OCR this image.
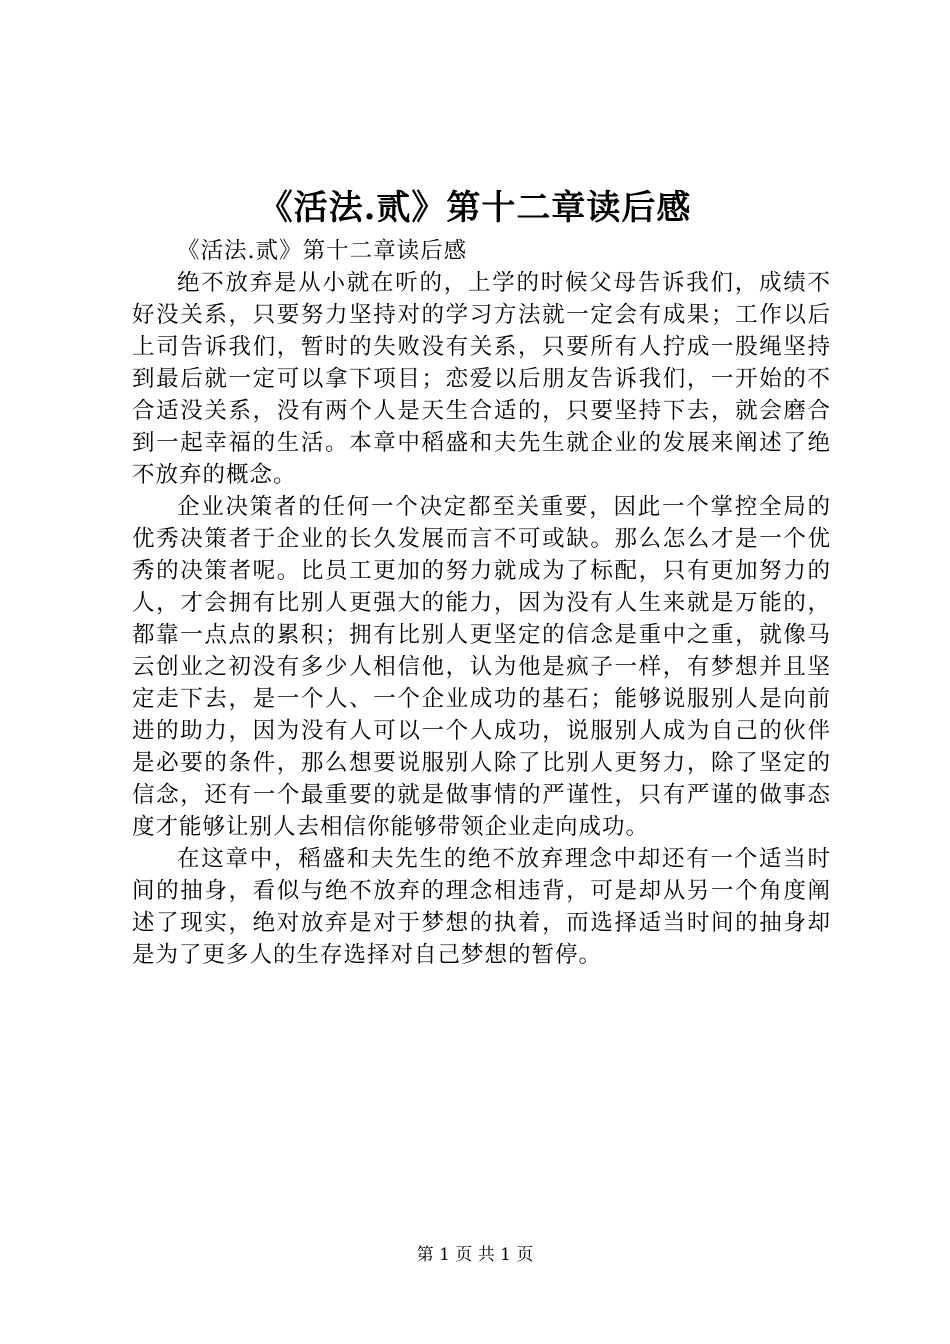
《活法.贰》第十二章读后感

《活法.贰》第十二章读后感

绝不放弃是从小就在听的，上学的时候父母告诉我们，成绩不好没关系，只要努力坚持对的学习方法就一定会有成果；工作以后上司告诉我们，暂时的失败没有关系，只要所有人拧成一股绳坚持到最后就一定可以拿下项目；恋爱以后朋友告诉我们，一开始的不合适没关系，没有两个人是天生合适的，只要坚持下去，就会磨合到一起幸福的生活。本章中稻盛和夫先生就企业的发展来阐述了绝不放弃的概念。

企业决策者的任何一个决定都至关重要，因此一个掌控全局的优秀决策者于企业的长久发展而言不可或缺。那么怎么才是一个优秀的决策者呢。比员工更加的努力就成为了标配，只有更加努力的人，才会拥有比别人更强大的能力，因为没有人生来就是万能的，都靠一点点的累积；拥有比别人更坚定的信念是重中之重，就像马云创业之初没有多少人相信他，认为他是疯子一样，有梦想并且坚定走下去，是一个人、一个企业成功的基石；能够说服别人是向前进的助力，因为没有人可以一个人成功，说服别人成为自己的伙伴是必要的条件，那么想要说服别人除了比别人更努力，除了坚定的信念，还有一个最重要的就是做事情的严谨性，只有严谨的做事态度才能够让别人去相信你能够带领企业走向成功。

在这章中，稻盛和夫先生的绝不放弃理念中却还有一个适当时间的抽身，看似与绝不放弃的理念相违背，可是却从另一个角度阐述了现实，绝对放弃是对于梦想的执着，而选择适当时间的抽身却是为了更多人的生存选择对自己梦想的暂停。

第 1 页 共 1 页
